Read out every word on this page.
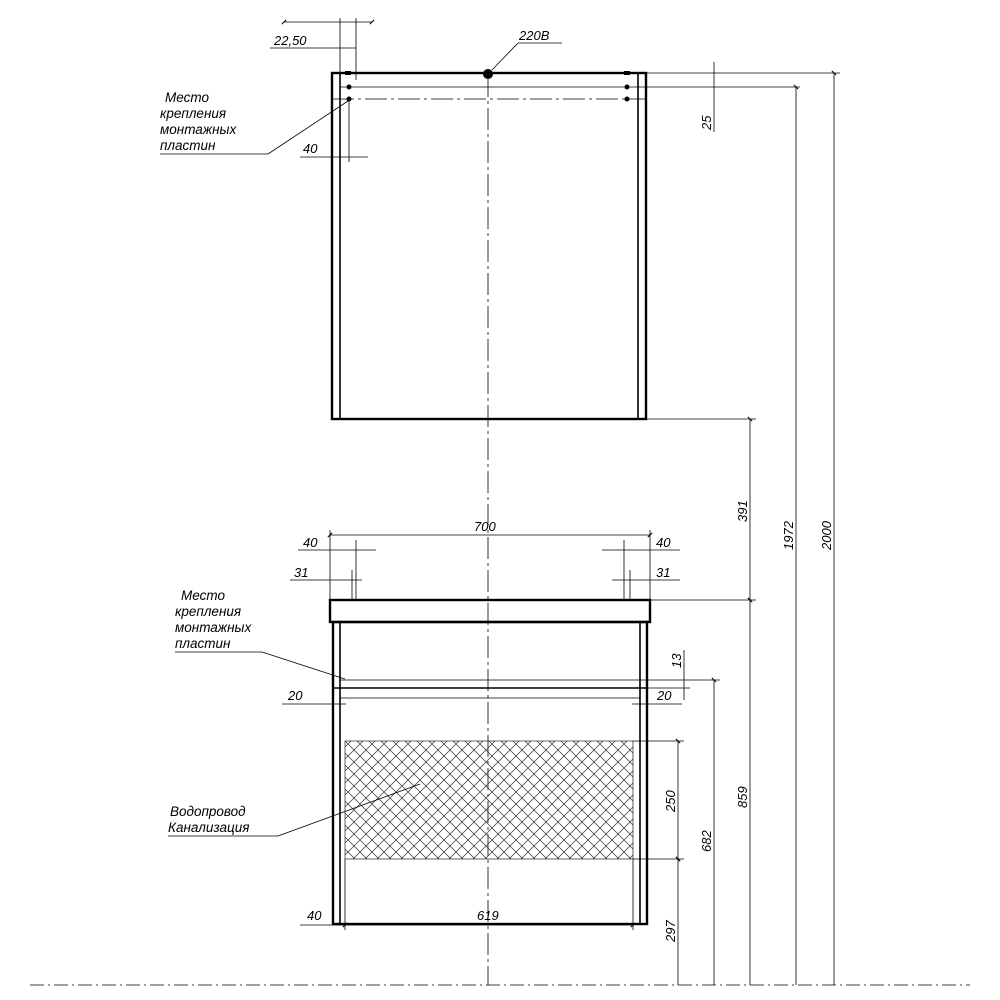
220В
22,50
40
Место крепления монтажных пластин
25
2000
1972
391
700
40	40
31	31
Место крепления монтажных пластин
13
20	20
859
682
250
297
Водопровод Канализация
40	619
